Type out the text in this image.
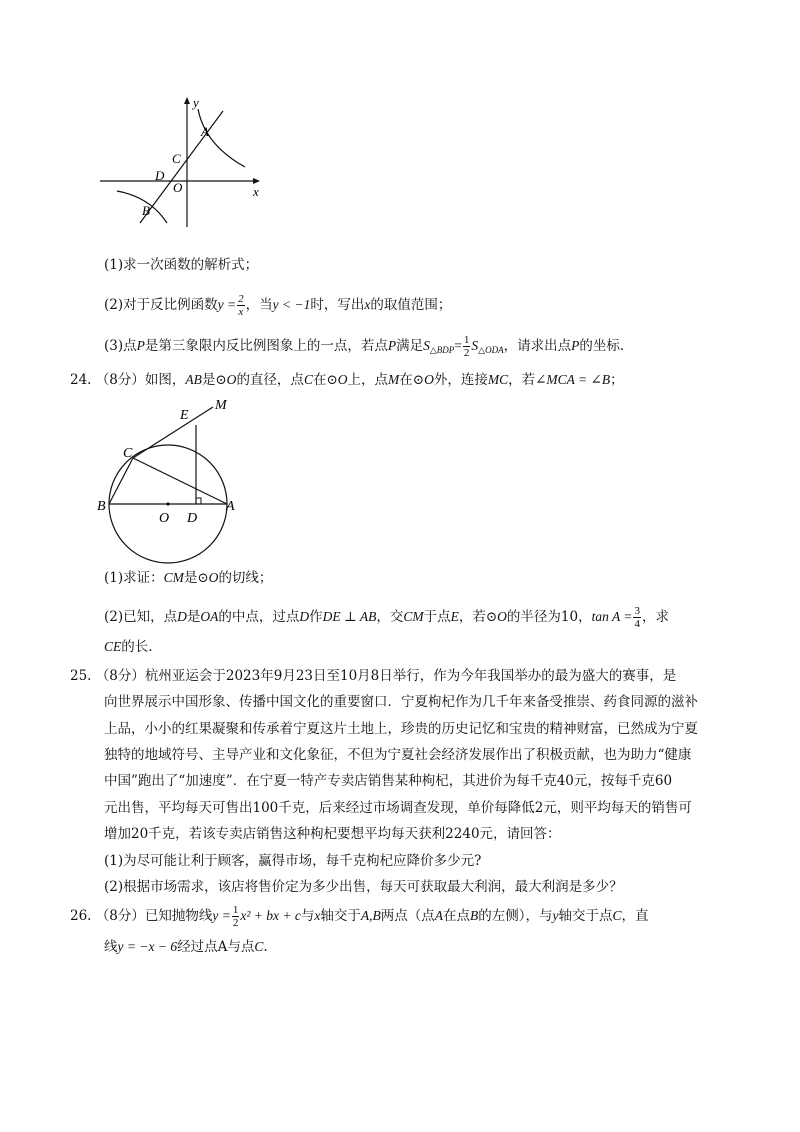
y
x
A
C
D
O
B
(1)求一次函数的解析式；
(2)对于反比例函数$y = \frac{2}{x}$ ，当y < −1时，写出x的取值范围；
(3)点P是第三象限内反比例图象上的一点，若点P满足$S_{\triangle BDP}= \frac{1}{2} S_{\triangle ODA}$，请求出点P的坐标.
24. （8分）如图，AB是⊙O的直径，点C在⊙O上，点M在⊙O外，连接MC，若∠MCA = ∠B；
E
M
C
B
O D
A
(1)求证：CM是⊙O的切线；
(2)已知，点D是OA的中点，过点D作DE ⊥ AB，交CM于点E，若⊙O的半径为10，$\tan A = \frac{3}{4}$ ，求
CE的长.
25. （8分）杭州亚运会于2023年9月23日至10月8日举行，作为今年我国举办的最为盛大的赛事，是
向世界展示中国形象、传播中国文化的重要窗口．宁夏枸杞作为几千年来备受推崇、药食同源的滋补
上品，小小的红果凝聚和传承着宁夏这片土地上，珍贵的历史记忆和宝贵的精神财富，已然成为宁夏
独特的地域符号、主导产业和文化象征，不但为宁夏社会经济发展作出了积极贡献，也为助力“健康
中国”跑出了“加速度”．在宁夏一特产专卖店销售某种枸杞，其进价为每千克40元，按每千克60
元出售，平均每天可售出100千克，后来经过市场调查发现，单价每降低2元，则平均每天的销售可
增加20千克，若该专卖店销售这种枸杞要想平均每天获利2240元，请回答：
(1)为尽可能让利于顾客，赢得市场，每千克枸杞应降价多少元?
(2)根据市场需求，该店将售价定为多少出售，每天可获取最大利润，最大利润是多少？
26. （8分）已知抛物线$y = \frac{1}{2} x^2$ + bx + c与x轴交于A,B两点（点A在点B的左侧），与y轴交于点C，直
线y = −x − 6经过点A与点C.
